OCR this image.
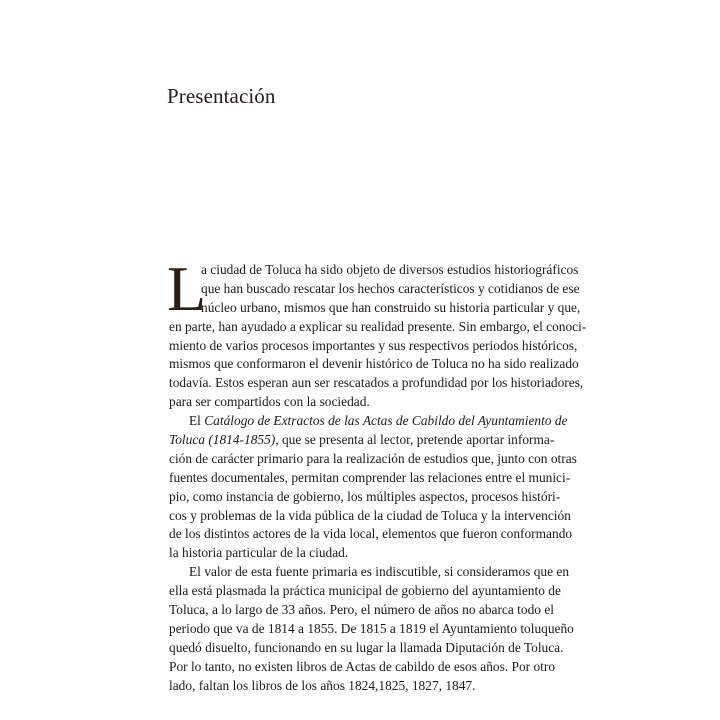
Presentación
L
a ciudad de Toluca ha sido objeto de diversos estudios historiográficos
que han buscado rescatar los hechos característicos y cotidianos de ese
núcleo urbano, mismos que han construido su historia particular y que,
en parte, han ayudado a explicar su realidad presente. Sin embargo, el conoci-
miento de varios procesos importantes y sus respectivos periodos históricos,
mismos que conformaron el devenir histórico de Toluca no ha sido realizado
todavía. Estos esperan aun ser rescatados a profundidad por los historiadores,
para ser compartidos con la sociedad.
El Catálogo de Extractos de las Actas de Cabildo del Ayuntamiento de
Toluca (1814-1855), que se presenta al lector, pretende aportar informa-
ción de carácter primario para la realización de estudios que, junto con otras
fuentes documentales, permitan comprender las relaciones entre el munici-
pio, como instancia de gobierno, los múltiples aspectos, procesos históri-
cos y problemas de la vida pública de la ciudad de Toluca y la intervención
de los distintos actores de la vida local, elementos que fueron conformando
la historia particular de la ciudad.
El valor de esta fuente primaria es indiscutible, si consideramos que en
ella está plasmada la práctica municipal de gobierno del ayuntamiento de
Toluca, a lo largo de 33 años. Pero, el número de años no abarca todo el
periodo que va de 1814 a 1855. De 1815 a 1819 el Ayuntamiento toluqueño
quedó disuelto, funcionando en su lugar la llamada Diputación de Toluca.
Por lo tanto, no existen libros de Actas de cabildo de esos años. Por otro
lado, faltan los libros de los años 1824,1825, 1827, 1847.
